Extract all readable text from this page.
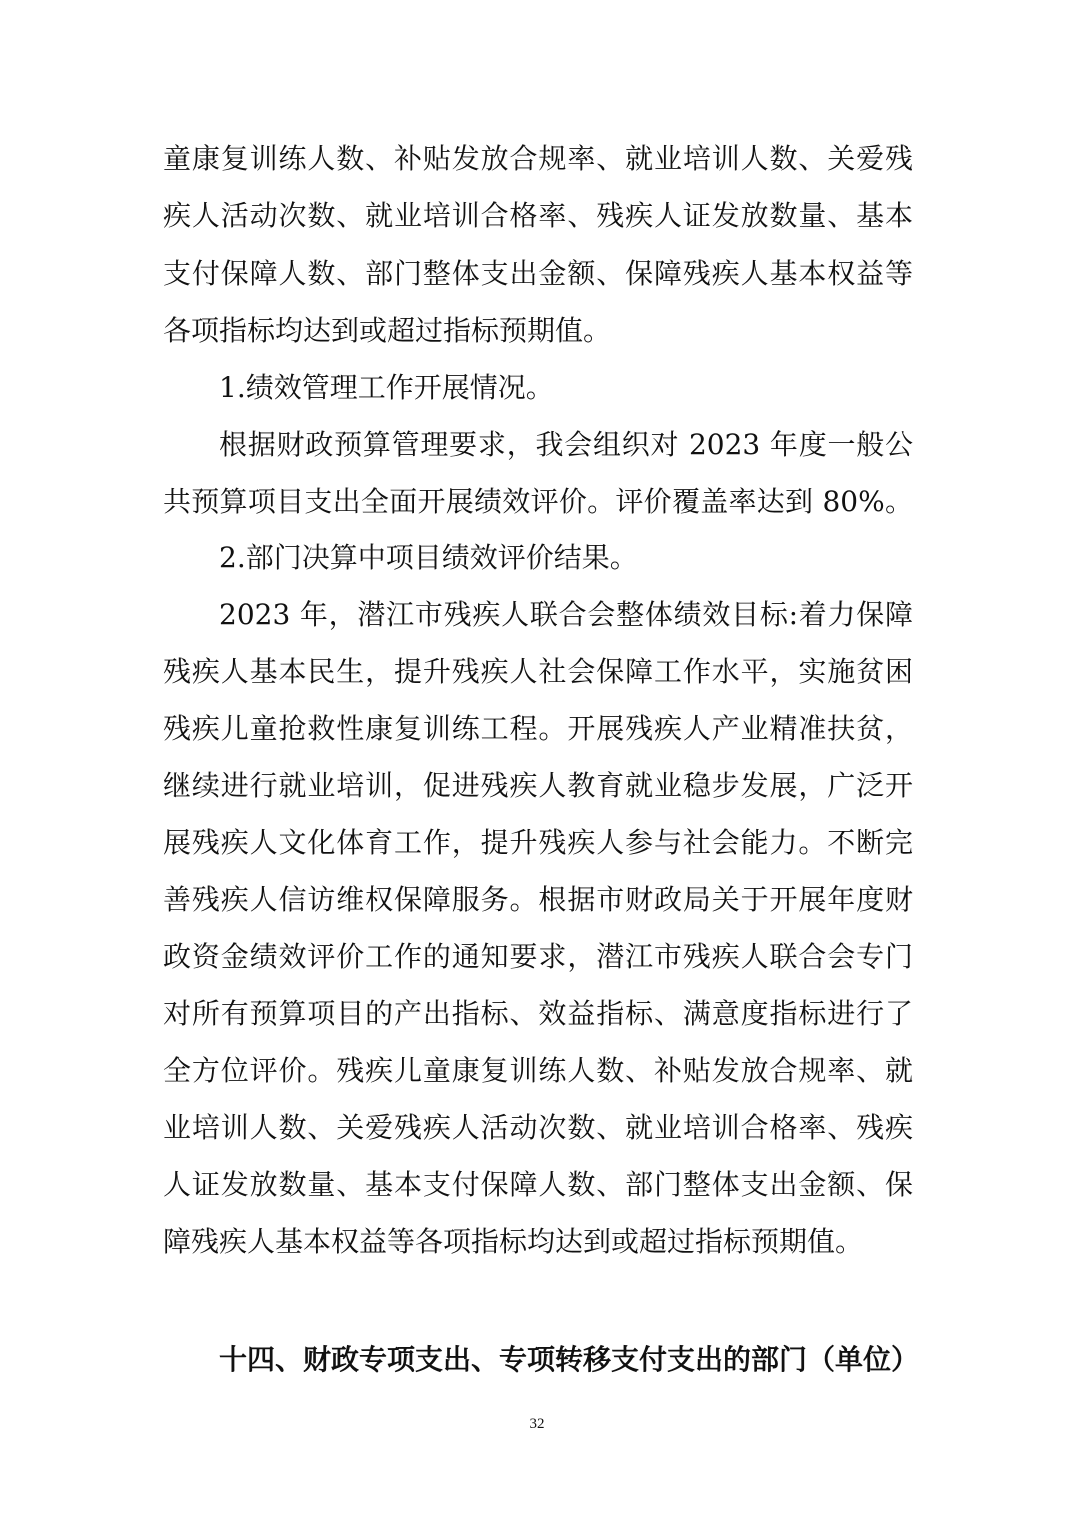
童康复训练人数、补贴发放合规率、就业培训人数、关爱残
疾人活动次数、就业培训合格率、残疾人证发放数量、基本
支付保障人数、部门整体支出金额、保障残疾人基本权益等
各项指标均达到或超过指标预期值。
1.绩效管理工作开展情况。
根据财政预算管理要求，我会组织对 2023 年度一般公
共预算项目支出全面开展绩效评价。评价覆盖率达到 80%。
2.部门决算中项目绩效评价结果。
2023 年，潜江市残疾人联合会整体绩效目标:着力保障
残疾人基本民生，提升残疾人社会保障工作水平，实施贫困
残疾儿童抢救性康复训练工程。开展残疾人产业精准扶贫，
继续进行就业培训，促进残疾人教育就业稳步发展，广泛开
展残疾人文化体育工作，提升残疾人参与社会能力。不断完
善残疾人信访维权保障服务。根据市财政局关于开展年度财
政资金绩效评价工作的通知要求，潜江市残疾人联合会专门
对所有预算项目的产出指标、效益指标、满意度指标进行了
全方位评价。残疾儿童康复训练人数、补贴发放合规率、就
业培训人数、关爱残疾人活动次数、就业培训合格率、残疾
人证发放数量、基本支付保障人数、部门整体支出金额、保
障残疾人基本权益等各项指标均达到或超过指标预期值。
十四、财政专项支出、专项转移支付支出的部门（单位）
32
